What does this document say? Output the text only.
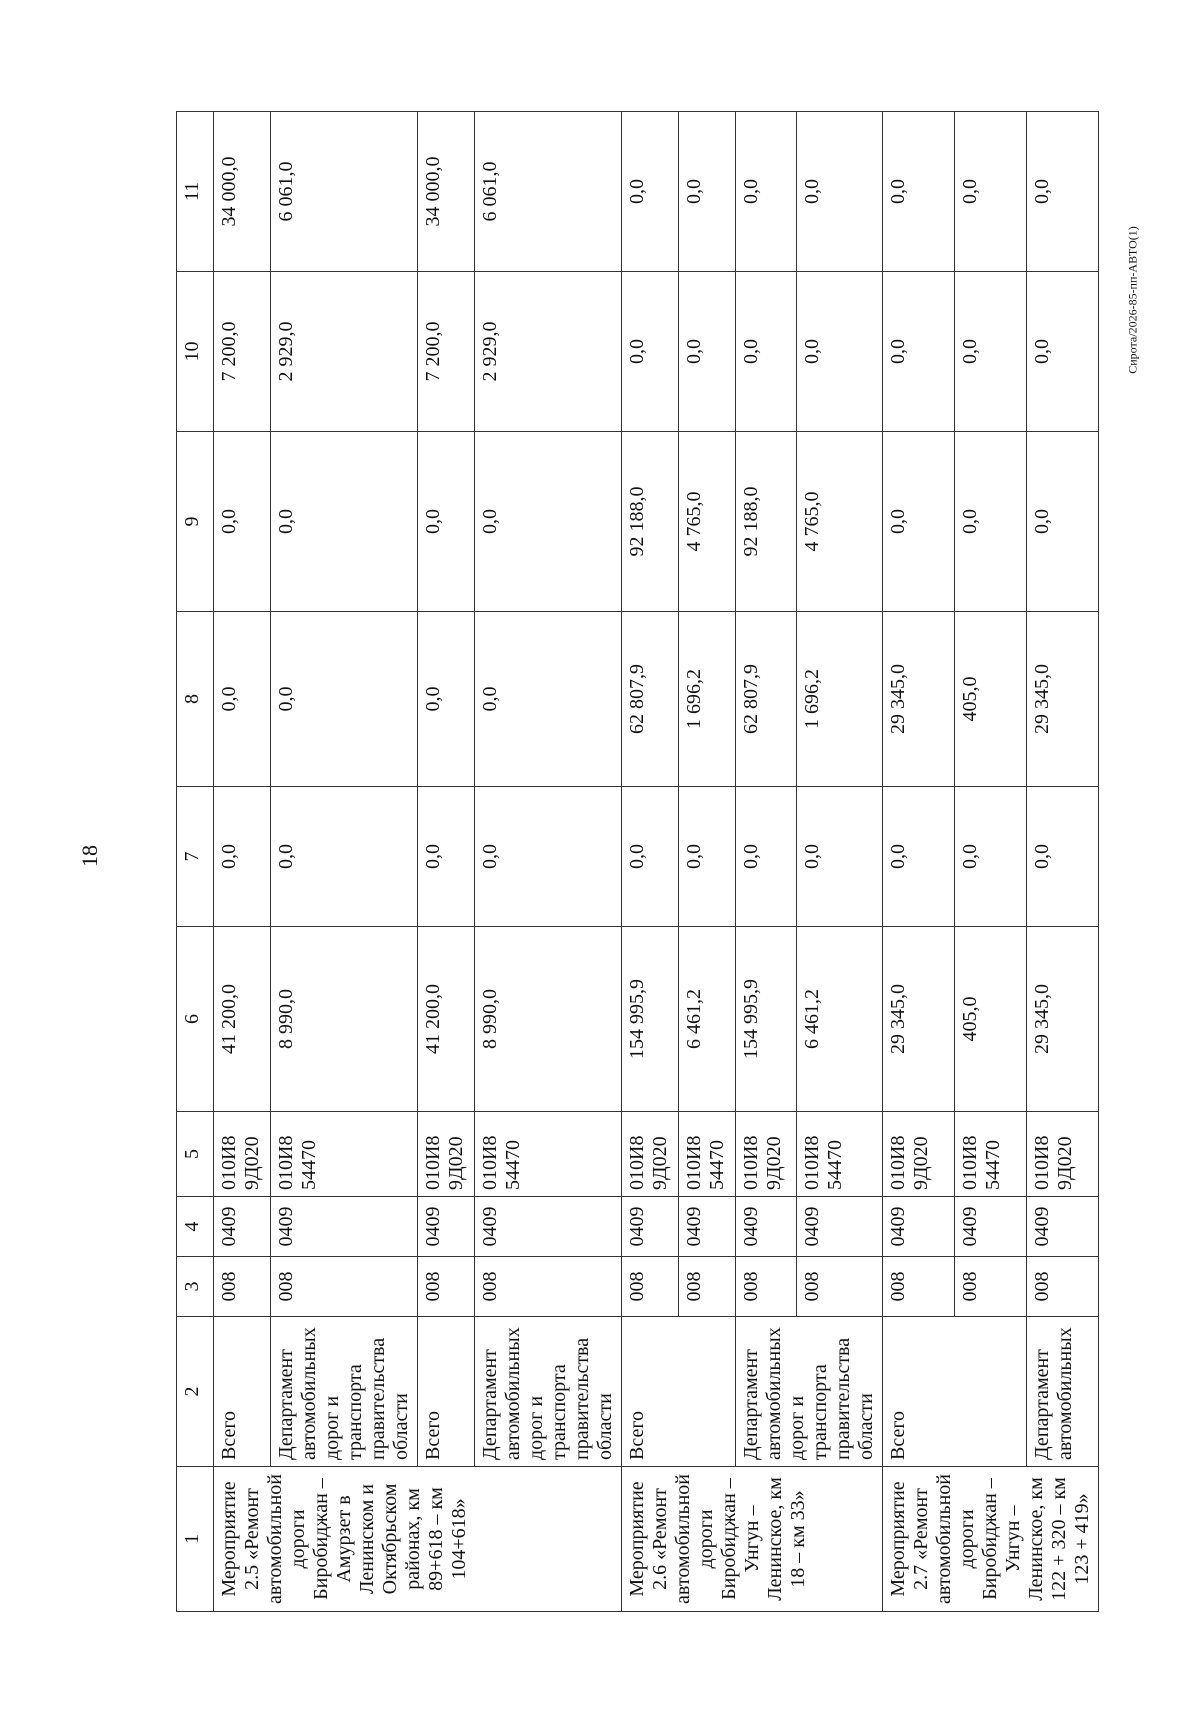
18
Сирота/2026-85-пп-АВТО(1)
1	2	3	4	5	6	7	8	9	10	11
Мероприятие 2.5 «Ремонт автомобильной дороги Биробиджан – Амурзет в Ленинском и Октябрьском районах, км 89+618 – км 104+618»	Всего	008	0409	010И8 9Д020	41 200,0	0,0	0,0	0,0	7 200,0	34 000,0
	Департамент автомобильных дорог и транспорта правительства области	008	0409	010И8 54470	8 990,0	0,0	0,0	0,0	2 929,0	6 061,0
	Всего	008	0409	010И8 9Д020	41 200,0	0,0	0,0	0,0	7 200,0	34 000,0
	Департамент автомобильных дорог и транспорта правительства области	008	0409	010И8 54470	8 990,0	0,0	0,0	0,0	2 929,0	6 061,0
Мероприятие 2.6 «Ремонт автомобильной дороги Биробиджан – Унгун – Ленинское, км 18 – км 33»	Всего	008	0409	010И8 9Д020	154 995,9	0,0	62 807,9	92 188,0	0,0	0,0
		008	0409	010И8 54470	6 461,2	0,0	1 696,2	4 765,0	0,0	0,0
	Департамент автомобильных дорог и транспорта правительства области	008	0409	010И8 9Д020	154 995,9	0,0	62 807,9	92 188,0	0,0	0,0
		008	0409	010И8 54470	6 461,2	0,0	1 696,2	4 765,0	0,0	0,0
Мероприятие 2.7 «Ремонт автомобильной дороги Биробиджан – Унгун – Ленинское, км 122 + 320 – км 123 + 419»	Всего	008	0409	010И8 9Д020	29 345,0	0,0	29 345,0	0,0	0,0	0,0
		008	0409	010И8 54470	405,0	0,0	405,0	0,0	0,0	0,0
	Департамент автомобильных	008	0409	010И8 9Д020	29 345,0	0,0	29 345,0	0,0	0,0	0,0
